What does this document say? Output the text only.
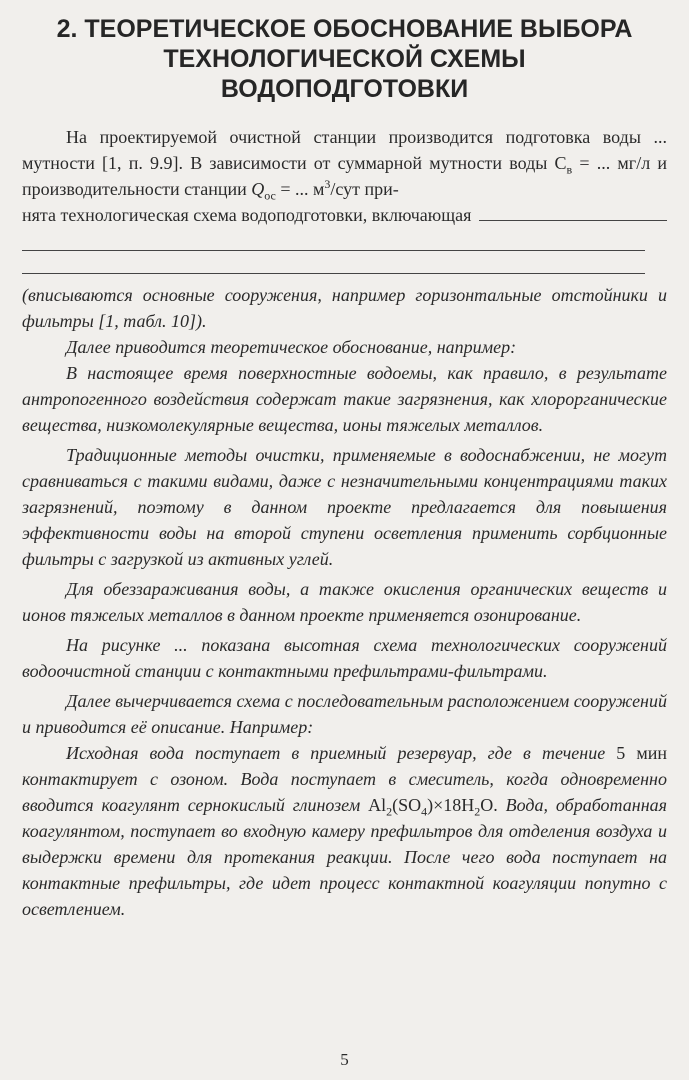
2. ТЕОРЕТИЧЕСКОЕ ОБОСНОВАНИЕ ВЫБОРА
ТЕХНОЛОГИЧЕСКОЙ СХЕМЫ
ВОДОПОДГОТОВКИ

На проектируемой очистной станции производится подготовка воды ... мутности [1, п. 9.9]. В зависимости от суммарной мутности воды $С_в$ = ... мг/л и производительности станции $Q_{ос}$ = ... $м^3$/сут при-

нята технологическая схема водоподготовки, включающая

(вписываются основные сооружения, например горизонтальные отстойники и фильтры [1, табл. 10]).

Далее приводится теоретическое обоснование, например:

В настоящее время поверхностные водоемы, как правило, в результате антропогенного воздействия содержат такие загрязнения, как хлорорганические вещества, низкомолекулярные вещества, ионы тяжелых металлов.

Традиционные методы очистки, применяемые в водоснабжении, не могут сравниваться с такими видами, даже с незначительными концентрациями таких загрязнений, поэтому в данном проекте предлагается для повышения эффективности воды на второй ступени осветления применить сорбционные фильтры с загрузкой из активных углей.

Для обеззараживания воды, а также окисления органических веществ и ионов тяжелых металлов в данном проекте применяется озонирование.

На рисунке ... показана высотная схема технологических сооружений водоочистной станции с контактными префильтрами-фильтрами.

Далее вычерчивается схема с последовательным расположением сооружений и приводится её описание. Например:

Исходная вода поступает в приемный резервуар, где в течение 5 мин контактирует с озоном. Вода поступает в смеситель, когда одновременно вводится коагулянт сернокислый глинозем $Al_2(SO_4)\times 18H_2O$. Вода, обработанная коагулянтом, поступает во входную камеру префильтров для отделения воздуха и выдержки времени для протекания реакции. После чего вода поступает на контактные префильтры, где идет процесс контактной коагуляции попутно с осветлением.

5
